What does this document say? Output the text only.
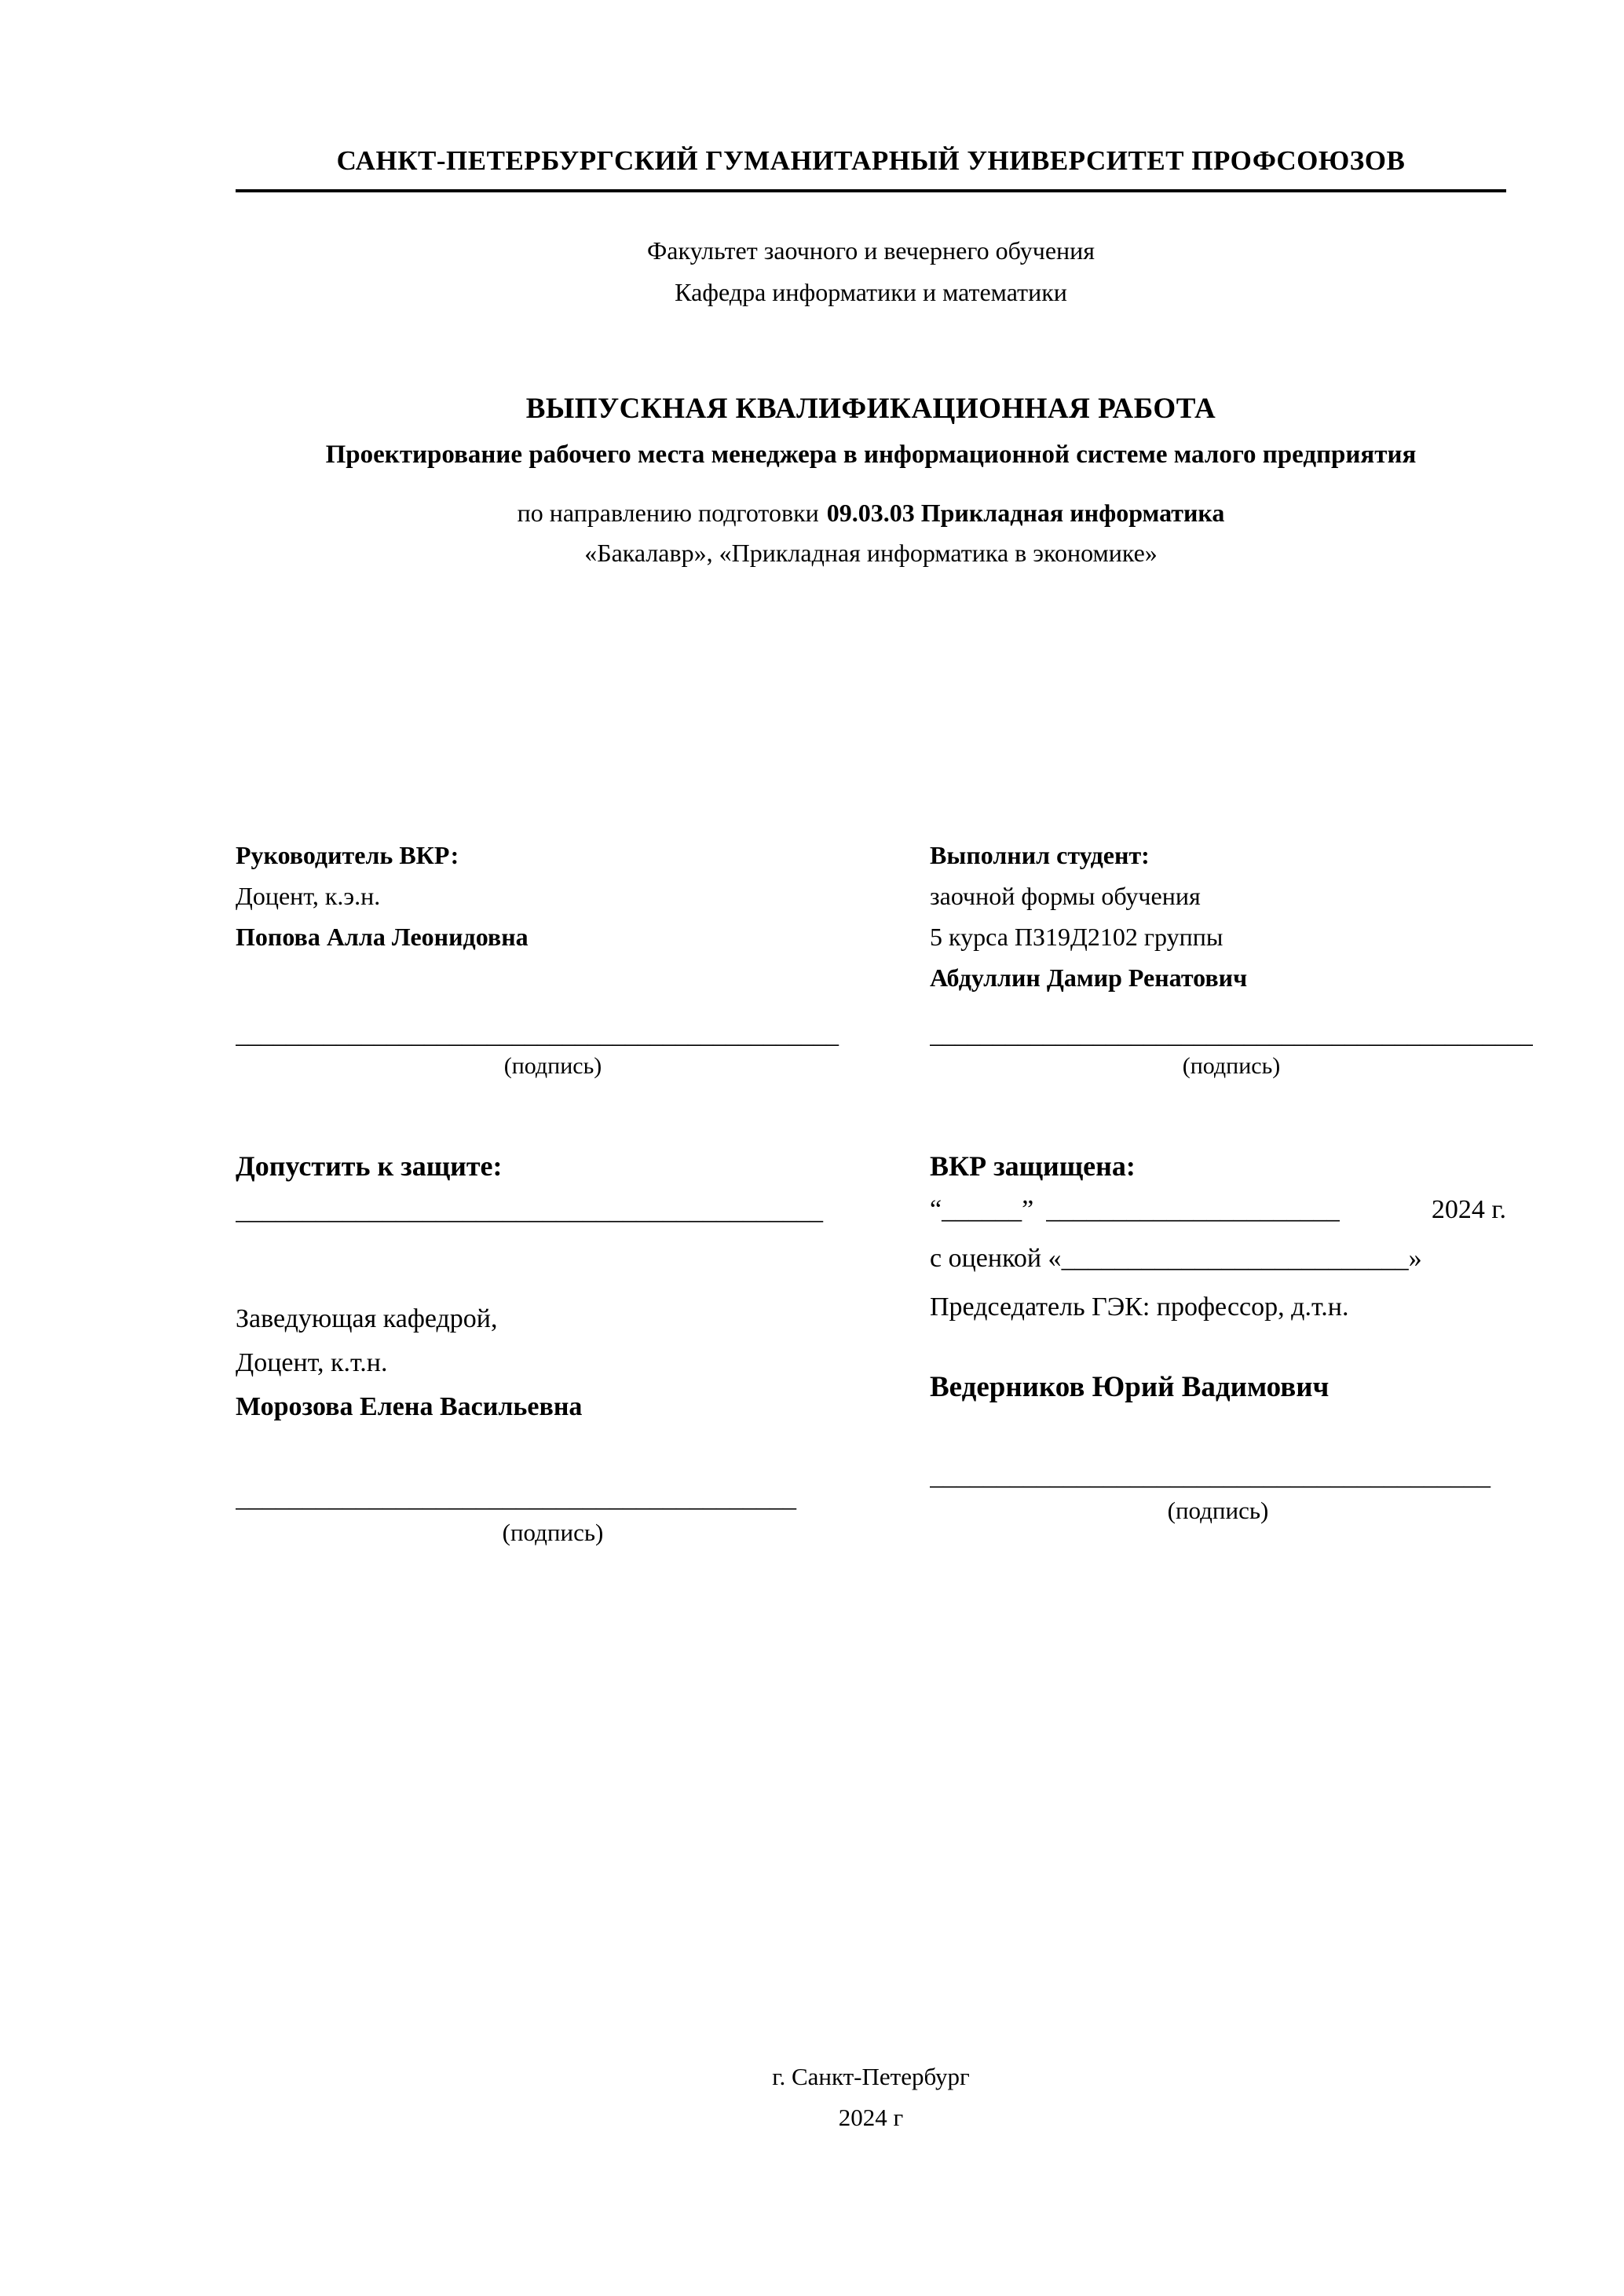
САНКТ-ПЕТЕРБУРГСКИЙ ГУМАНИТАРНЫЙ УНИВЕРСИТЕТ ПРОФСОЮЗОВ
Факультет заочного и вечернего обучения
Кафедра информатики и математики
ВЫПУСКНАЯ КВАЛИФИКАЦИОННАЯ РАБОТА
Проектирование рабочего места менеджера в информационной системе малого предприятия
по направлению подготовки 09.03.03 Прикладная информатика
«Бакалавр», «Прикладная информатика в экономике»
Руководитель ВКР:
Доцент, к.э.н.
Попова Алла Леонидовна
________________________________________________
(подпись)
Выполнил студент:
заочной формы обучения
5 курса ПЗ19Д2102 группы
Абдуллин Дамир Ренатович
________________________________________________
(подпись)
Допустить к защите:
____________________________________________
Заведующая кафедрой,
Доцент, к.т.н.
Морозова Елена Васильевна
__________________________________________
(подпись)
ВКР защищена:
“______” ______________________	2024 г.
с оценкой «__________________________»
Председатель ГЭК: профессор, д.т.н.
Ведерников Юрий Вадимович
__________________________________________
(подпись)
г. Санкт-Петербург
2024 г
